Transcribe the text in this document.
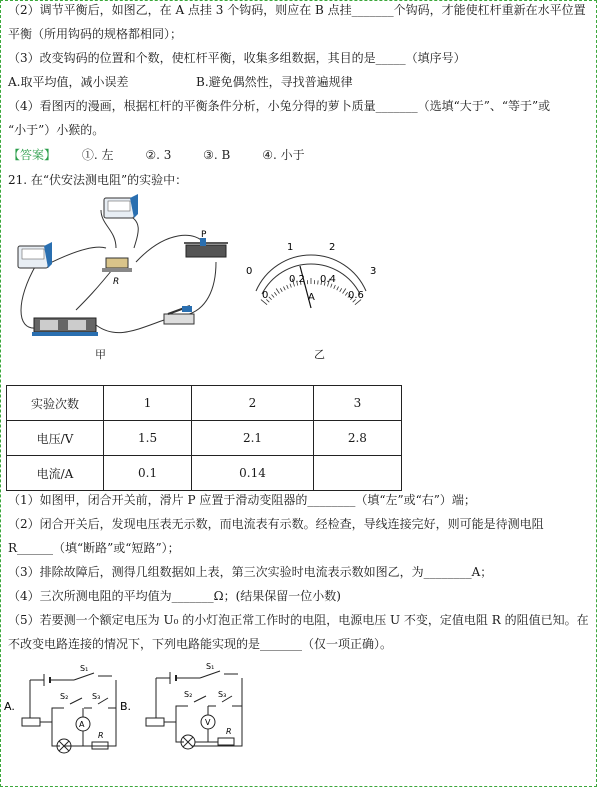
（2）调节平衡后，如图乙，在 A 点挂 3 个钩码，则应在 B 点挂_______个钩码，才能使杠杆重新在水平位置
平衡（所用钩码的规格都相同）；
（3）改变钩码的位置和个数，使杠杆平衡，收集多组数据，其目的是_____（填序号）
A.取平均值，减小误差	B.避免偶然性，寻找普遍规律
（4）看图丙的漫画，根据杠杆的平衡条件分析，小兔分得的萝卜质量_______（选填“大于”、“等于”或
“小于”）小猴的。
【答案】 ①. 左	②. 3	③. B	④. 小于
21. 在“伏安法测电阻”的实验中：
R
P
甲
0
1	2
3
0
0.2 0.4
0.6
A
乙
实验次数	1	2	3
电压/V	1.5	2.1	2.8
电流/A	0.1	0.14	
（1）如图甲，闭合开关前，滑片 P 应置于滑动变阻器的________（填“左”或“右”）端；
（2）闭合开关后，发现电压表无示数，而电流表有示数。经检查，导线连接完好，则可能是待测电阻
R______（填“断路”或“短路”）；
（3）排除故障后，测得几组数据如上表，第三次实验时电流表示数如图乙，为________A；
（4）三次所测电阻的平均值为_______Ω；(结果保留一位小数)
（5）若要测一个额定电压为 U₀ 的小灯泡正常工作时的电阻，电源电压 U 不变，定值电阻 R 的阻值已知。在
不改变电路连接的情况下，下列电路能实现的是_______（仅一项正确）。
A.
S₁
S₂	S₃
A
R
B.
S₁
S₂	S₃
V
R
